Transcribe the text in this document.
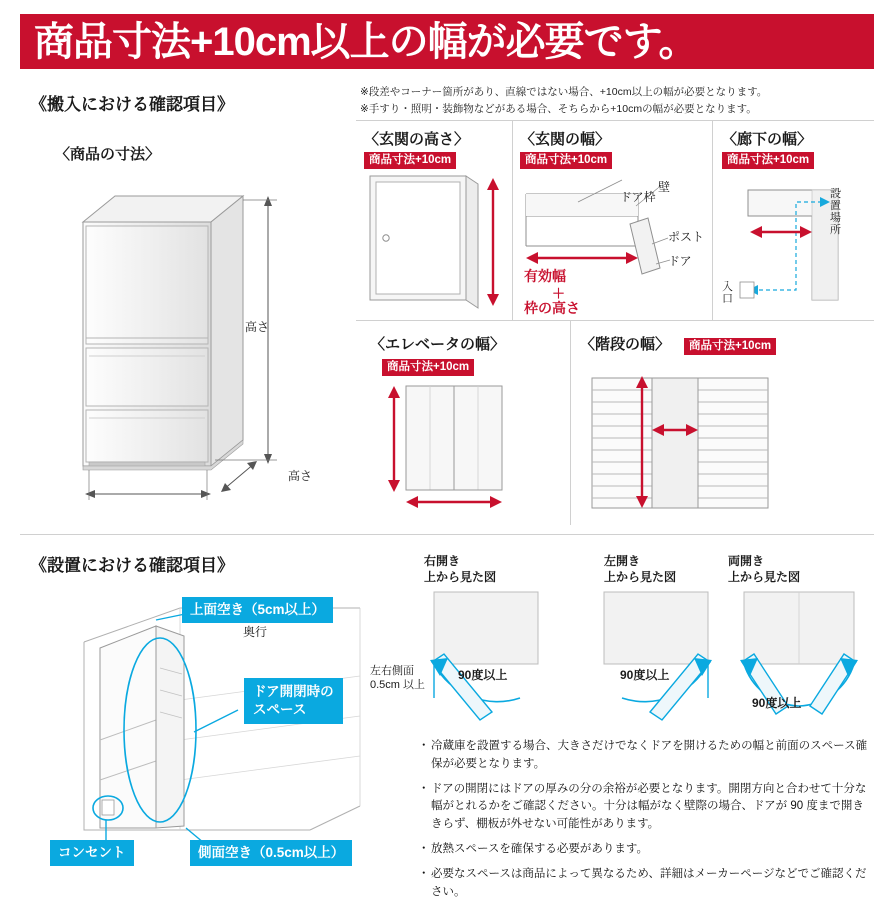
商品寸法+10cm以上の幅が必要です。
《搬入における確認項目》
〈商品の寸法〉
※段差やコーナー箇所があり、直線ではない場合、+10cm以上の幅が必要となります。
※手すり・照明・装飾物などがある場合、そちらから+10cmの幅が必要となります。
高さ
奥行
高さ
〈玄関の高さ〉
商品寸法+10cm
〈玄関の幅〉
商品寸法+10cm
ドア枠
壁
ポスト
ドア
有効幅
＋
枠の高さ
〈廊下の幅〉
商品寸法+10cm
設置場所
入口
〈エレベータの幅〉
商品寸法+10cm
〈階段の幅〉	商品寸法+10cm
《設置における確認項目》
上面空き（5cm以上）
ドア開閉時の
スペース
コンセント	側面空き（0.5cm以上）
右開き
上から見た図
90度以上
左右側面
0.5cm 以上
左開き
上から見た図
90度以上
両開き
上から見た図
90度以上
・ 冷蔵庫を設置する場合、大きさだけでなくドアを開けるための幅と前面のスペース確保が必要となります。
・ ドアの開閉にはドアの厚みの分の余裕が必要となります。開閉方向と合わせて十分な幅がとれるかをご確認ください。十分は幅がなく壁際の場合、ドアが 90 度まで開ききらず、棚板が外せない可能性があります。
・ 放熱スペースを確保する必要があります。
・ 必要なスペースは商品によって異なるため、詳細はメーカーページなどでご確認ください。
